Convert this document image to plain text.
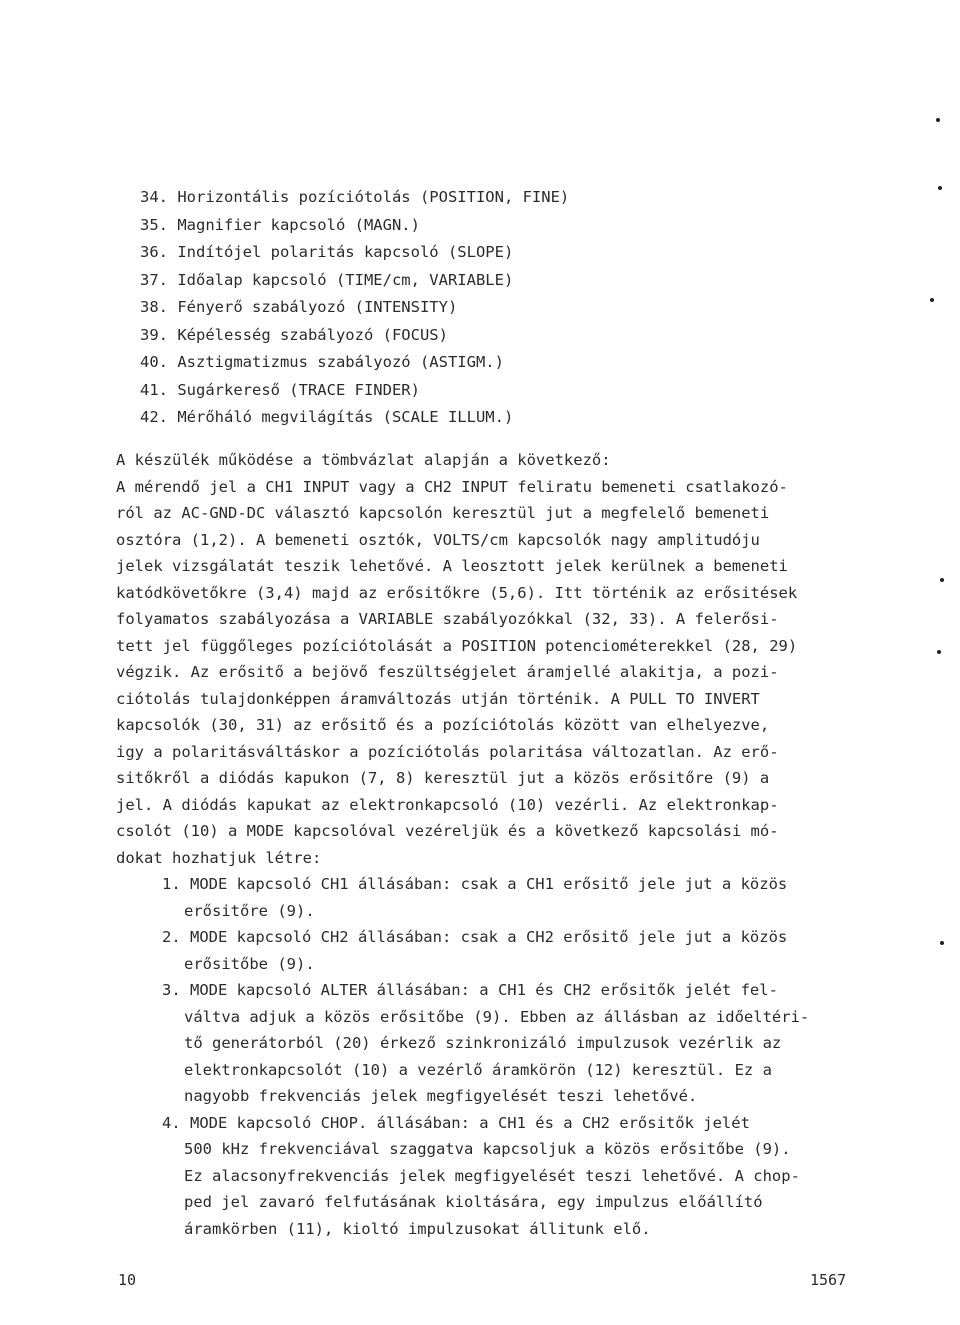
34. Horizontális pozíciótolás (POSITION, FINE)
35. Magnifier kapcsoló (MAGN.)
36. Indítójel polaritás kapcsoló (SLOPE)
37. Időalap kapcsoló (TIME/cm, VARIABLE)
38. Fényerő szabályozó (INTENSITY)
39. Képélesség szabályozó (FOCUS)
40. Asztigmatizmus szabályozó (ASTIGM.)
41. Sugárkereső (TRACE FINDER)
42. Mérőháló megvilágítás (SCALE ILLUM.)
A készülék működése a tömbvázlat alapján a következő:
A mérendő jel a CH1 INPUT vagy a CH2 INPUT feliratu bemeneti csatlakozó-
ról az AC-GND-DC választó kapcsolón keresztül jut a megfelelő bemeneti
osztóra (1,2). A bemeneti osztók, VOLTS/cm kapcsolók nagy amplitudóju
jelek vizsgálatát teszik lehetővé. A leosztott jelek kerülnek a bemeneti
katódkövetőkre (3,4) majd az erősitőkre (5,6). Itt történik az erősitések
folyamatos szabályozása a VARIABLE szabályozókkal (32, 33). A felerősi-
tett jel függőleges pozíciótolását a POSITION potenciométerekkel (28, 29)
végzik. Az erősitő a bejövő feszültségjelet áramjellé alakitja, a pozi-
ciótolás tulajdonképpen áramváltozás utján történik. A PULL TO INVERT
kapcsolók (30, 31) az erősitő és a pozíciótolás között van elhelyezve,
igy a polaritásváltáskor a pozíciótolás polaritása változatlan. Az erő-
sitőkről a diódás kapukon (7, 8) keresztül jut a közös erősitőre (9) a
jel. A diódás kapukat az elektronkapcsoló (10) vezérli. Az elektronkap-
csolót (10) a MODE kapcsolóval vezéreljük és a következő kapcsolási mó-
dokat hozhatjuk létre:
1. MODE kapcsoló CH1 állásában: csak a CH1 erősitő jele jut a közös
erősitőre (9).
2. MODE kapcsoló CH2 állásában: csak a CH2 erősitő jele jut a közös
erősitőbe (9).
3. MODE kapcsoló ALTER állásában: a CH1 és CH2 erősitők jelét fel-
váltva adjuk a közös erősitőbe (9). Ebben az állásban az időeltéri-
tő generátorból (20) érkező szinkronizáló impulzusok vezérlik az
elektronkapcsolót (10) a vezérlő áramkörön (12) keresztül. Ez a
nagyobb frekvenciás jelek megfigyelését teszi lehetővé.
4. MODE kapcsoló CHOP. állásában: a CH1 és a CH2 erősitők jelét
500 kHz frekvenciával szaggatva kapcsoljuk a közös erősitőbe (9).
Ez alacsonyfrekvenciás jelek megfigyelését teszi lehetővé. A chop-
ped jel zavaró felfutásának kioltására, egy impulzus előállító
áramkörben (11), kioltó impulzusokat állitunk elő.
10	1567
